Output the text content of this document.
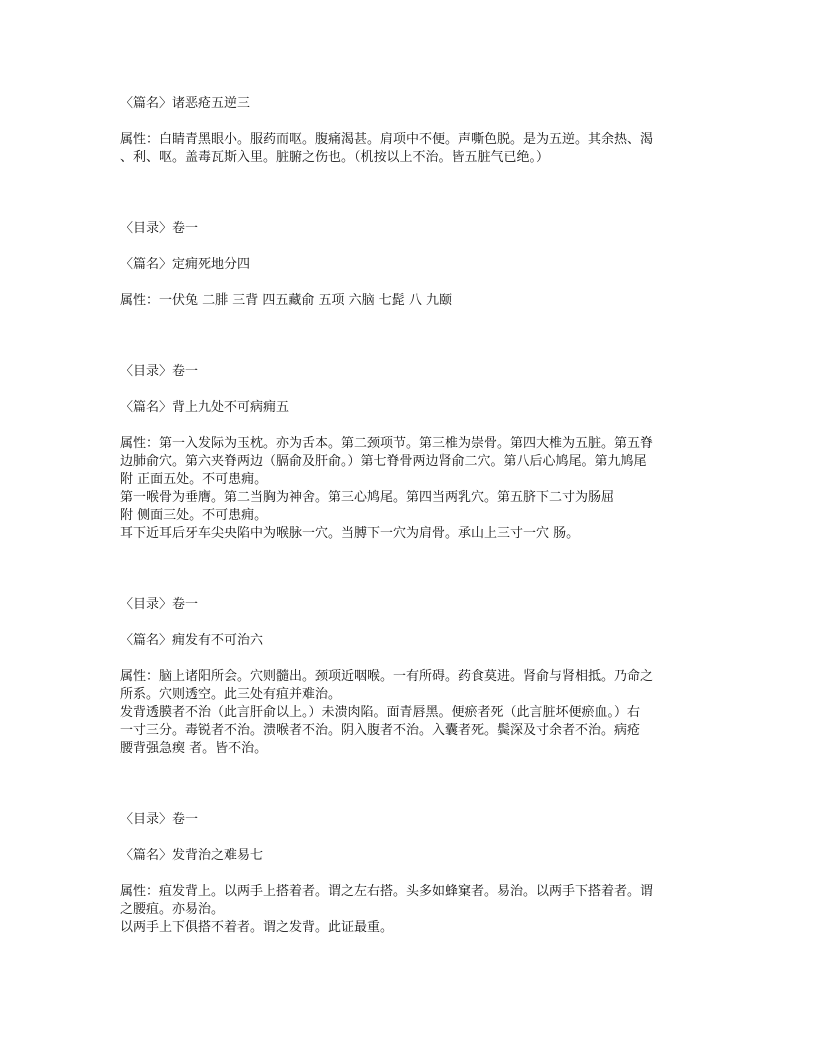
〈篇名〉诸恶疮五逆三

属性：白睛青黑眼小。服药而呕。腹痛渴甚。肩项中不便。声嘶色脱。是为五逆。其余热、渴

、利、呕。盖毒瓦斯入里。脏腑之伤也。（机按以上不治。皆五脏气已绝。）

〈目录〉卷一

〈篇名〉定痈死地分四

属性：一伏兔 二腓 三背 四五藏俞 五项 六脑 七髭 八 九颐

〈目录〉卷一

〈篇名〉背上九处不可病痈五

属性：第一入发际为玉枕。亦为舌本。第二颈项节。第三椎为崇骨。第四大椎为五脏。第五脊

边肺俞穴。第六夹脊两边（膈俞及肝俞。）第七脊骨两边肾俞二穴。第八后心鸠尾。第九鸠尾

附 正面五处。不可患痈。

第一喉骨为垂膺。第二当胸为神舍。第三心鸠尾。第四当两乳穴。第五脐下二寸为肠屈

附 侧面三处。不可患痈。

耳下近耳后牙车尖央陷中为喉脉一穴。当膊下一穴为肩骨。承山上三寸一穴 肠。

〈目录〉卷一

〈篇名〉痈发有不可治六

属性：脑上诸阳所会。穴则髓出。颈项近咽喉。一有所碍。药食莫进。肾俞与肾相抵。乃命之

所系。穴则透空。此三处有疽并难治。

发背透膜者不治（此言肝俞以上。）未溃肉陷。面青唇黑。便瘀者死（此言脏坏便瘀血。）右

一寸三分。毒锐者不治。溃喉者不治。阴入腹者不治。入囊者死。鬓深及寸余者不治。病疮

腰背强急瘈 者。皆不治。

〈目录〉卷一

〈篇名〉发背治之难易七

属性：疽发背上。以两手上搭着者。谓之左右搭。头多如蜂窠者。易治。以两手下搭着者。谓

之腰疽。亦易治。

以两手上下俱搭不着者。谓之发背。此证最重。
